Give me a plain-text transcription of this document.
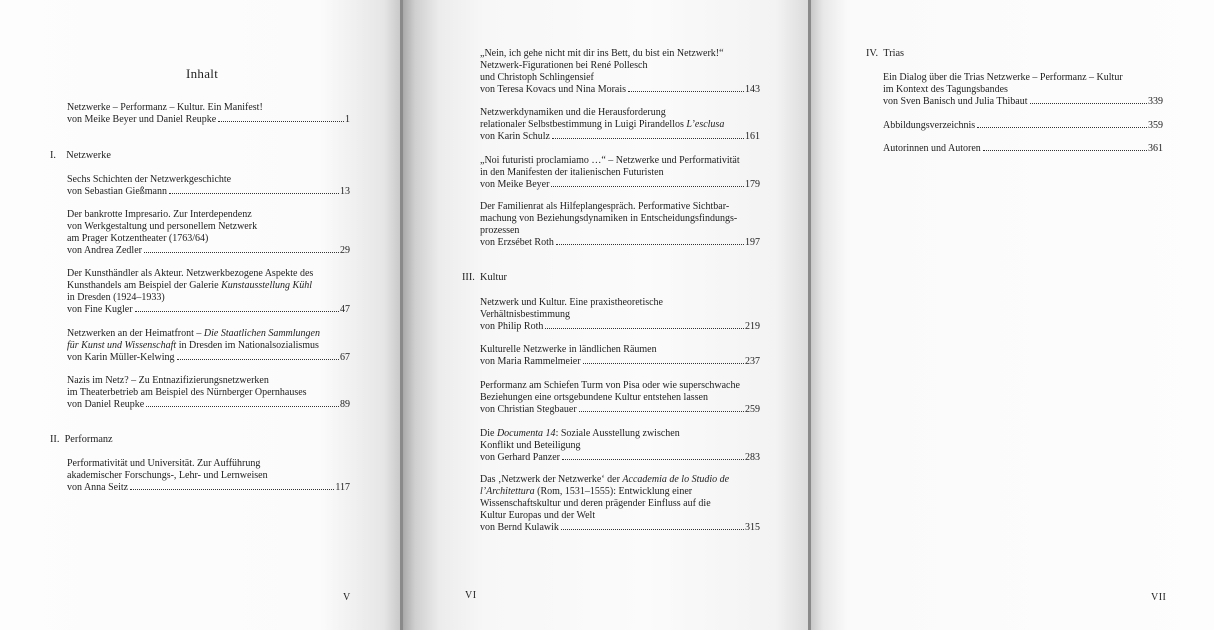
Inhalt
Netzwerke – Performanz – Kultur. Ein Manifest!
von Meike Beyer und Daniel Reupke	1
I. Netzwerke
Sechs Schichten der Netzwerkgeschichte
von Sebastian Gießmann	13
Der bankrotte Impresario. Zur Interdependenz
von Werkgestaltung und personellem Netzwerk
am Prager Kotzentheater (1763/64)
von Andrea Zedler	29
Der Kunsthändler als Akteur. Netzwerkbezogene Aspekte des
Kunsthandels am Beispiel der Galerie Kunstausstellung Kühl
in Dresden (1924–1933)
von Fine Kugler	47
Netzwerken an der Heimatfront – Die Staatlichen Sammlungen
für Kunst und Wissenschaft in Dresden im Nationalsozialismus
von Karin Müller-Kelwing	67
Nazis im Netz? – Zu Entnazifizierungsnetzwerken
im Theaterbetrieb am Beispiel des Nürnberger Opernhauses
von Daniel Reupke	89
II. Performanz
Performativität und Universität. Zur Aufführung
akademischer Forschungs-, Lehr- und Lernweisen
von Anna Seitz	117
V
„Nein, ich gehe nicht mit dir ins Bett, du bist ein Netzwerk!“
Netzwerk-Figurationen bei René Pollesch
und Christoph Schlingensief
von Teresa Kovacs und Nina Morais	143
Netzwerkdynamiken und die Herausforderung
relationaler Selbstbestimmung in Luigi Pirandellos L’esclusa
von Karin Schulz	161
„Noi futuristi proclamiamo …“ – Netzwerke und Performativität
in den Manifesten der italienischen Futuristen
von Meike Beyer	179
Der Familienrat als Hilfeplangespräch. Performative Sichtbar-
machung von Beziehungsdynamiken in Entscheidungsfindungs-
prozessen
von Erzsébet Roth	197
III. Kultur
Netzwerk und Kultur. Eine praxistheoretische
Verhältnisbestimmung
von Philip Roth	219
Kulturelle Netzwerke in ländlichen Räumen
von Maria Rammelmeier	237
Performanz am Schiefen Turm von Pisa oder wie superschwache
Beziehungen eine ortsgebundene Kultur entstehen lassen
von Christian Stegbauer	259
Die Documenta 14: Soziale Ausstellung zwischen
Konflikt und Beteiligung
von Gerhard Panzer	283
Das ‚Netzwerk der Netzwerke‘ der Accademia de lo Studio de
l’Architettura (Rom, 1531–1555): Entwicklung einer
Wissenschaftskultur und deren prägender Einfluss auf die
Kultur Europas und der Welt
von Bernd Kulawik	315
VI
IV. Trias
Ein Dialog über die Trias Netzwerke – Performanz – Kultur
im Kontext des Tagungsbandes
von Sven Banisch und Julia Thibaut	339
Abbildungsverzeichnis	359
Autorinnen und Autoren	361
VII
